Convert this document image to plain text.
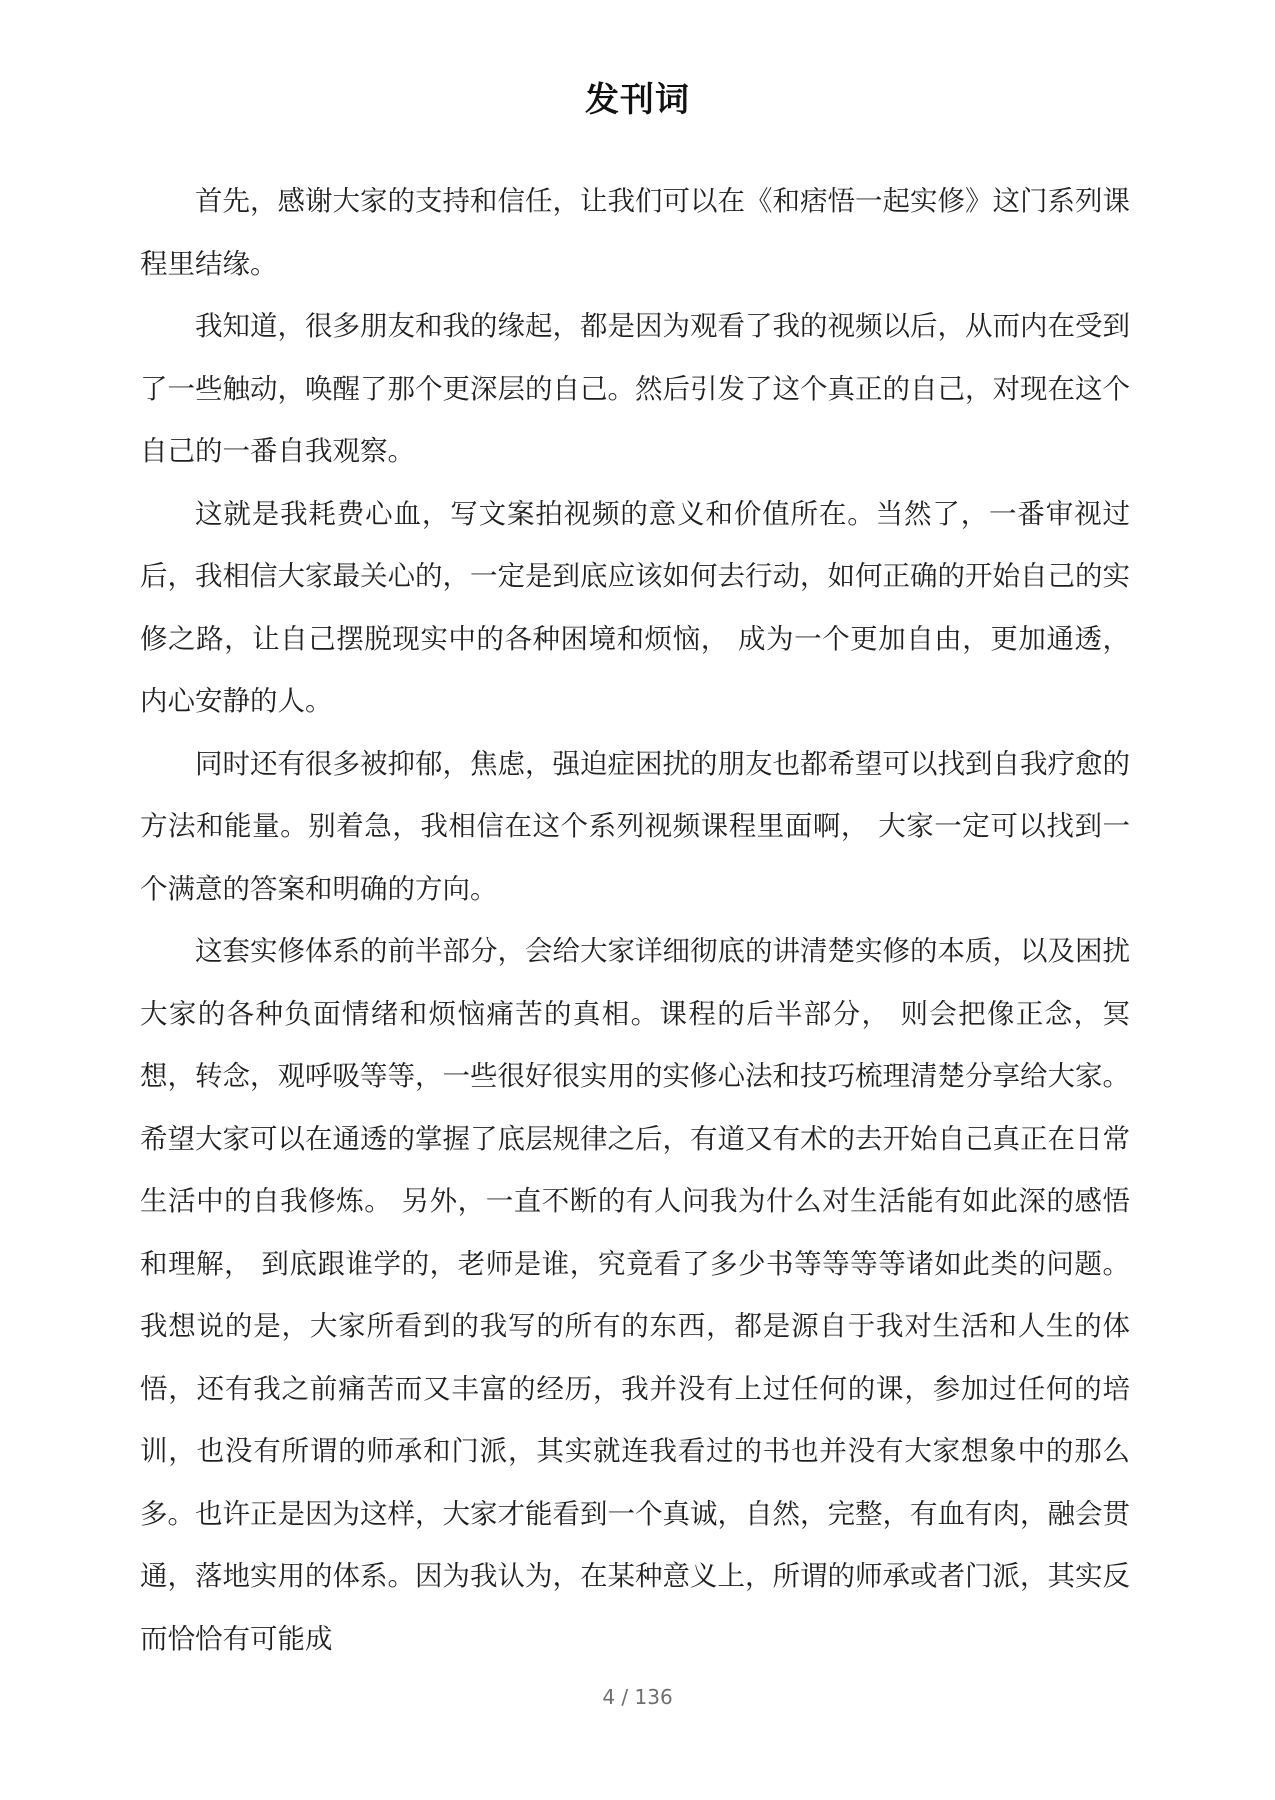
发刊词

首先，感谢大家的支持和信任，让我们可以在《和痞悟一起实修》这门系列课程里结缘。

我知道，很多朋友和我的缘起，都是因为观看了我的视频以后，从而内在受到了一些触动，唤醒了那个更深层的自己。然后引发了这个真正的自己，对现在这个自己的一番自我观察。

这就是我耗费心血，写文案拍视频的意义和价值所在。当然了，一番审视过后，我相信大家最关心的，一定是到底应该如何去行动，如何正确的开始自己的实修之路，让自己摆脱现实中的各种困境和烦恼， 成为一个更加自由，更加通透，内心安静的人。

同时还有很多被抑郁，焦虑，强迫症困扰的朋友也都希望可以找到自我疗愈的方法和能量。别着急，我相信在这个系列视频课程里面啊， 大家一定可以找到一个满意的答案和明确的方向。

这套实修体系的前半部分，会给大家详细彻底的讲清楚实修的本质，以及困扰大家的各种负面情绪和烦恼痛苦的真相。课程的后半部分， 则会把像正念，冥想，转念，观呼吸等等，一些很好很实用的实修心法和技巧梳理清楚分享给大家。希望大家可以在通透的掌握了底层规律之后，有道又有术的去开始自己真正在日常生活中的自我修炼。 另外，一直不断的有人问我为什么对生活能有如此深的感悟和理解， 到底跟谁学的，老师是谁，究竟看了多少书等等等等诸如此类的问题。我想说的是，大家所看到的我写的所有的东西，都是源自于我对生活和人生的体悟，还有我之前痛苦而又丰富的经历，我并没有上过任何的课，参加过任何的培训，也没有所谓的师承和门派，其实就连我看过的书也并没有大家想象中的那么多。也许正是因为这样，大家才能看到一个真诚，自然，完整，有血有肉，融会贯通，落地实用的体系。因为我认为，在某种意义上，所谓的师承或者门派，其实反而恰恰有可能成

4 / 136
